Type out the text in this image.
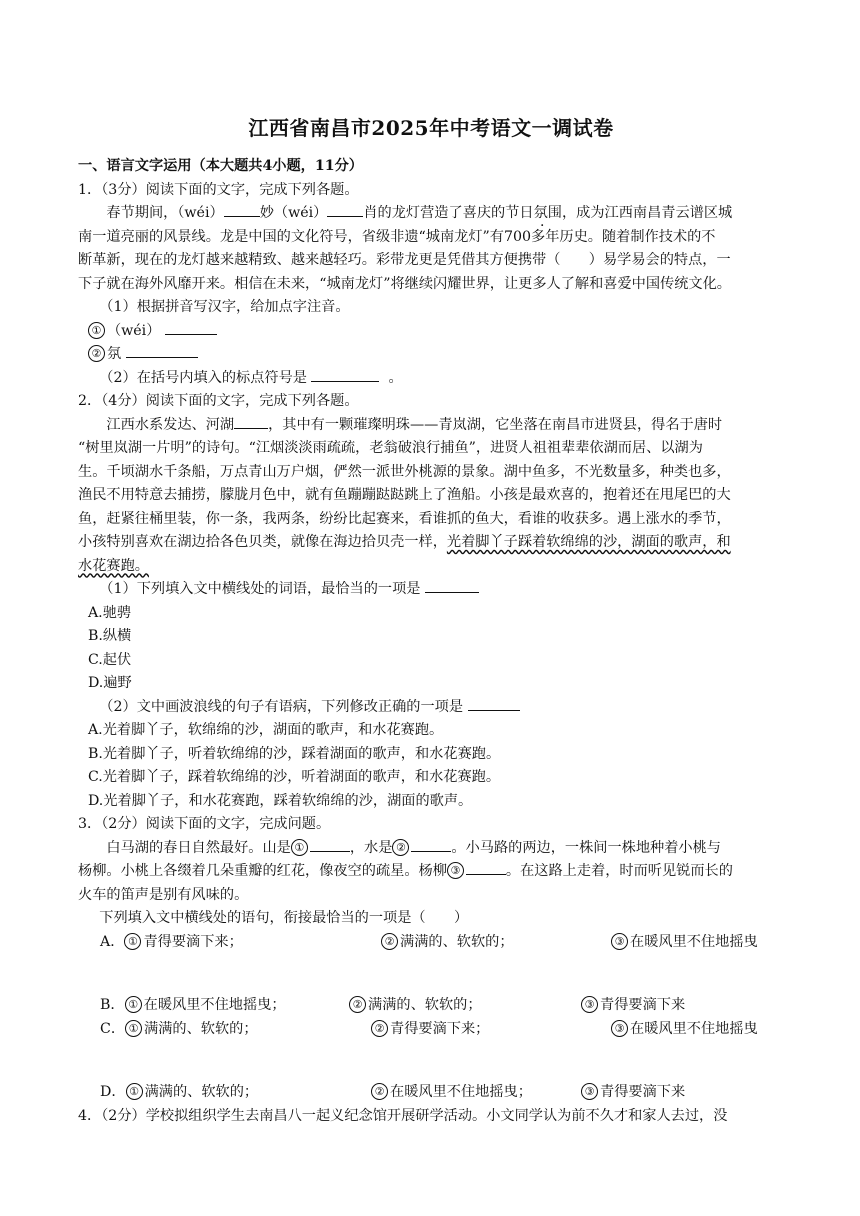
江西省南昌市2025年中考语文一调试卷
一、语言文字运用（本大题共4小题，11分）
1．（3分）阅读下面的文字，完成下列各题。
春节期间，（wéi）	妙（wéi）	肖的龙灯营造了喜庆的节日氛围，成为江西南昌青云谱区城
南一道亮丽的风景线。龙是中国的文化符号，省级非遗“城南龙灯”有700多年历史。随着制作技术的不
断革新，现在的龙灯越来越精致、越来越轻巧。彩带龙更是凭借其方便携带（　　）易学易会的特点，一
下子就在海外风靡开来。相信在未来，“城南龙灯”将继续闪耀世界，让更多人了解和喜爱中国传统文化。
（1）根据拼音写汉字，给加点字注音。
① （wéi）
② 氛
（2）在括号内填入的标点符号是	。
2．（4分）阅读下面的文字，完成下列各题。
江西水系发达、河湖 ，其中有一颗璀璨明珠——青岚湖，它坐落在南昌市进贤县，得名于唐时
“树里岚湖一片明”的诗句。“江烟淡淡雨疏疏，老翁破浪行捕鱼”，进贤人祖祖辈辈依湖而居、以湖为
生。千顷湖水千条船，万点青山万户烟，俨然一派世外桃源的景象。湖中鱼多，不光数量多，种类也多，
渔民不用特意去捕捞，朦胧月色中，就有鱼蹦蹦跶跶跳上了渔船。小孩是最欢喜的，抱着还在甩尾巴的大
鱼，赶紧往桶里装，你一条，我两条，纷纷比起赛来，看谁抓的鱼大，看谁的收获多。遇上涨水的季节，
小孩特别喜欢在湖边拾各色贝类，就像在海边拾贝壳一样，光着脚丫子踩着软绵绵的沙，湖面的歌声，和
水花赛跑。
（1）下列填入文中横线处的词语，最恰当的一项是
A.驰骋
B.纵横
C.起伏
D.遍野
（2）文中画波浪线的句子有语病，下列修改正确的一项是
A.光着脚丫子，软绵绵的沙，湖面的歌声，和水花赛跑。
B.光着脚丫子，听着软绵绵的沙，踩着湖面的歌声，和水花赛跑。
C.光着脚丫子，踩着软绵绵的沙，听着湖面的歌声，和水花赛跑。
D.光着脚丫子，和水花赛跑，踩着软绵绵的沙，湖面的歌声。
3．（2分）阅读下面的文字，完成问题。
白马湖的春日自然最好。山是 ①	，水是 ②	。小马路的两边，一株间一株地种着小桃与
杨柳。小桃上各缀着几朵重瓣的红花，像夜空的疏星。杨柳 ③	。在这路上走着，时而听见锐而长的
火车的笛声是别有风味的。
下列填入文中横线处的语句，衔接最恰当的一项是（　　）
A． ① 青得要滴下来；	② 满满的、软软的；	③ 在暖风里不住地摇曳
B． ① 在暖风里不住地摇曳；	② 满满的、软软的；	③ 青得要滴下来
C． ① 满满的、软软的；	② 青得要滴下来；	③ 在暖风里不住地摇曳
D． ① 满满的、软软的；	② 在暖风里不住地摇曳；	③ 青得要滴下来
4．（2分）学校拟组织学生去南昌八一起义纪念馆开展研学活动。小文同学认为前不久才和家人去过，没
